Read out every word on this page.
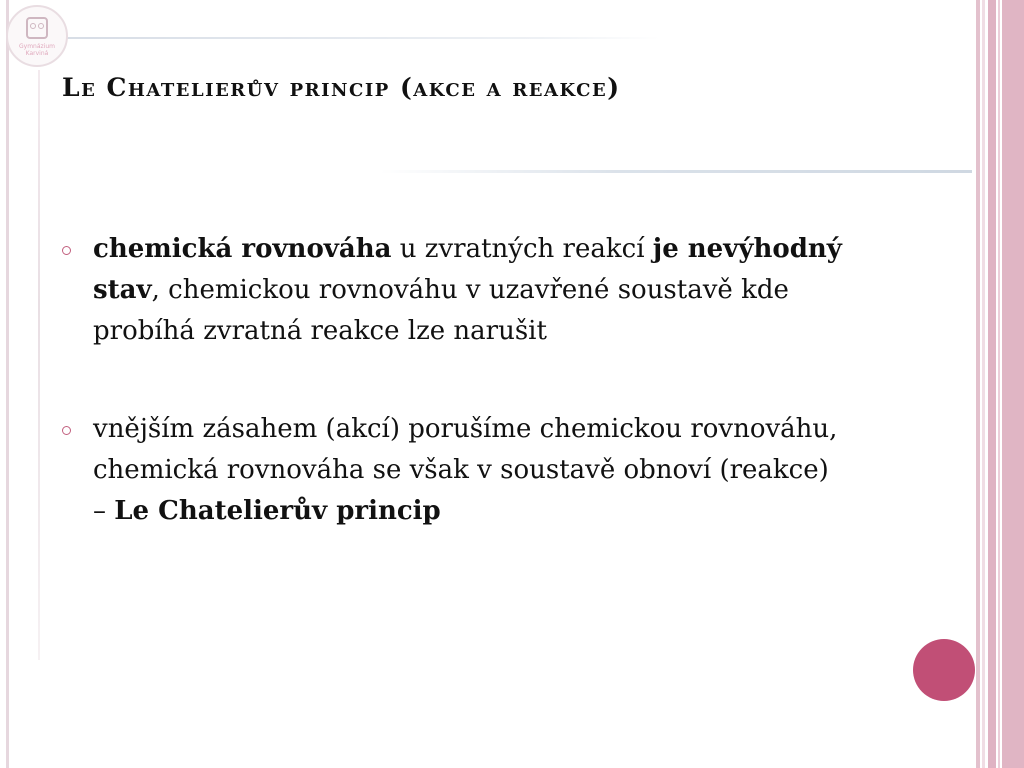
Gymnázium
Karviná
Le Chatelierův princip (akce a reakce)
chemická rovnováha u zvratných reakcí je nevýhodný stav, chemickou rovnováhu v uzavřené soustavě kde probíhá zvratná reakce lze narušit
vnějším zásahem (akcí) porušíme chemickou rovnováhu, chemická rovnováha se však v soustavě obnoví (reakce) – Le Chatelierův princip
